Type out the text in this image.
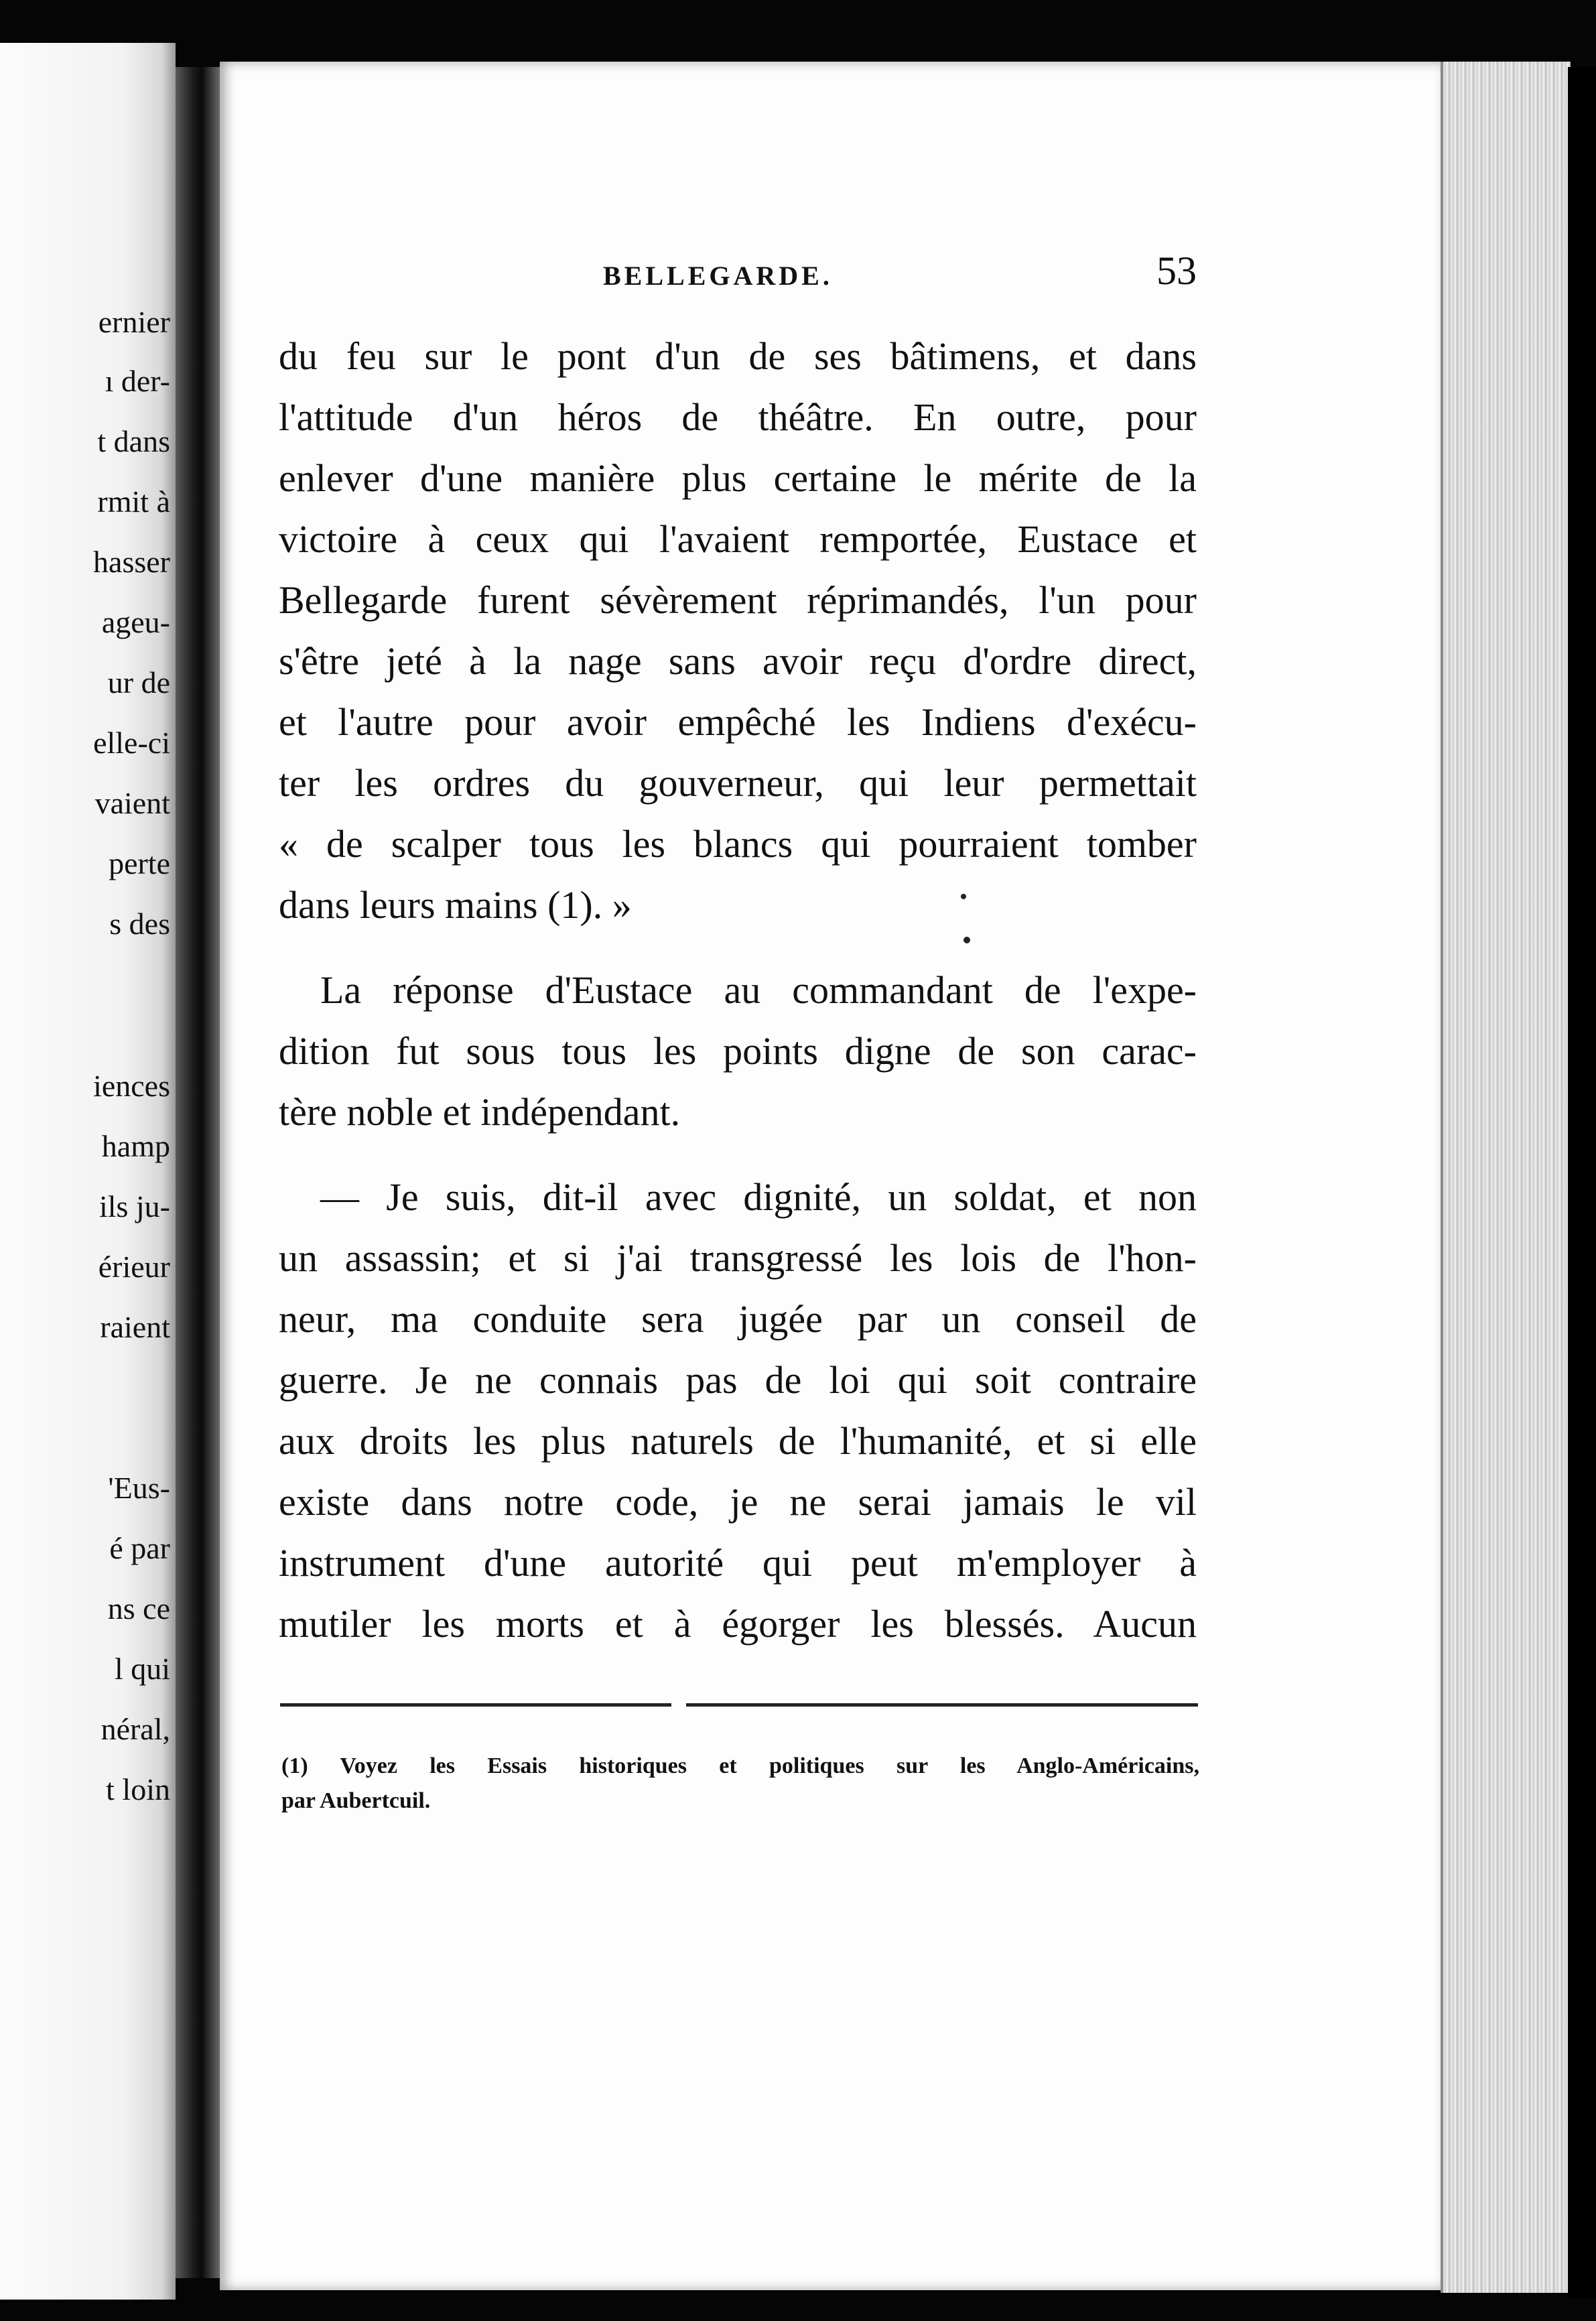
ernier
ı der-
t dans
rmit à
hasser
ageu-
ur de
elle-ci
vaient
perte
s des
iences
hamp
ils ju-
érieur
raient
'Eus-
é par
ns ce
l qui
néral,
t loin
BELLEGARDE.	53
du feu sur le pont d'un de ses bâtimens, et dans
l'attitude d'un héros de théâtre. En outre, pour
enlever d'une manière plus certaine le mérite de la
victoire à ceux qui l'avaient remportée, Eustace et
Bellegarde furent sévèrement réprimandés, l'un pour
s'être jeté à la nage sans avoir reçu d'ordre direct,
et l'autre pour avoir empêché les Indiens d'exécu-
ter les ordres du gouverneur, qui leur permettait
« de scalper tous les blancs qui pourraient tomber
dans leurs mains (1). »
La réponse d'Eustace au commandant de l'expe-
dition fut sous tous les points digne de son carac-
tère noble et indépendant.
— Je suis, dit-il avec dignité, un soldat, et non
un assassin; et si j'ai transgressé les lois de l'hon-
neur, ma conduite sera jugée par un conseil de
guerre. Je ne connais pas de loi qui soit contraire
aux droits les plus naturels de l'humanité, et si elle
existe dans notre code, je ne serai jamais le vil
instrument d'une autorité qui peut m'employer à
mutiler les morts et à égorger les blessés. Aucun
(1) Voyez les Essais historiques et politiques sur les Anglo-Américains,
par Aubertcuil.
